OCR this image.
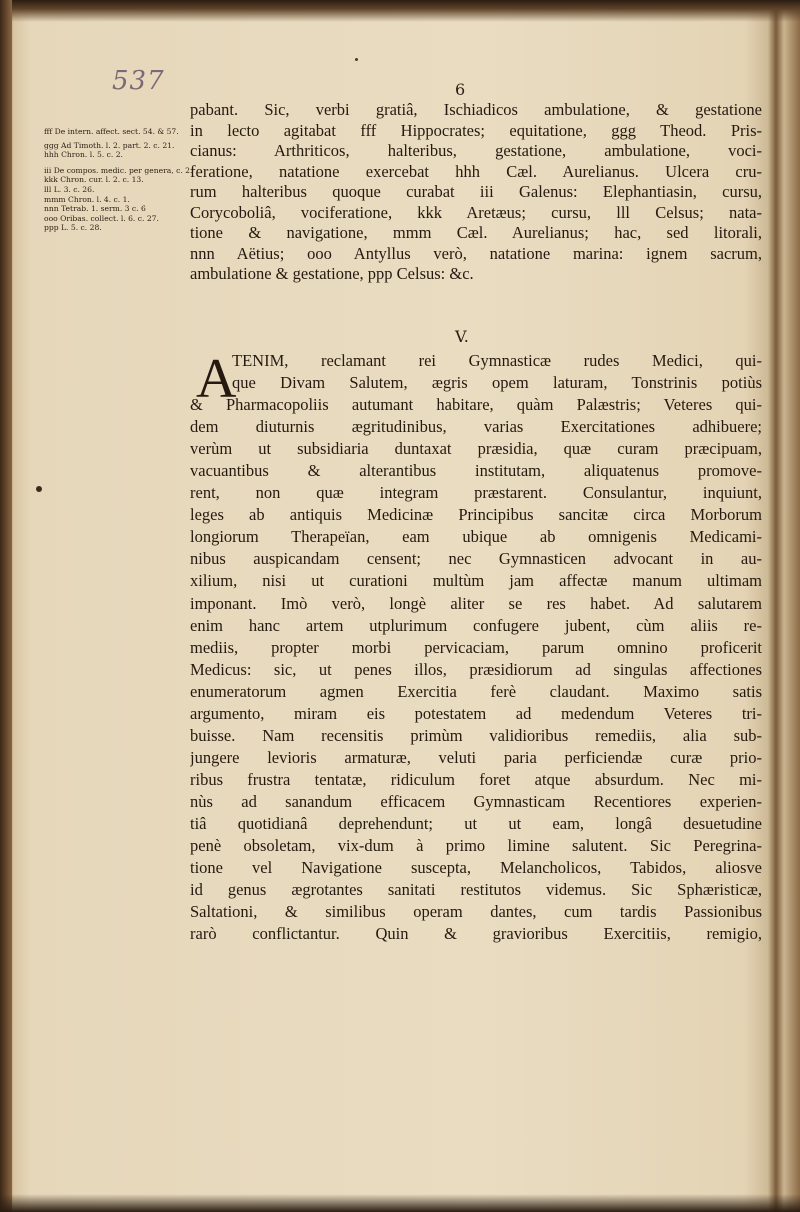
537	6
fff De intern. affect. sect. 54. & 57.
ggg Ad Timoth. l. 2. part. 2. c. 21.
hhh Chron. l. 5. c. 2.
iii De compos. medic. per genera, c. 2.
kkk Chron. cur. l. 2. c. 13.
lll L. 3. c. 26.
mmm Chron. l. 4. c. 1.
nnn Tetrab. 1. serm. 3 c. 6
ooo Oribas. collect. l. 6. c. 27.
ppp L. 5. c. 28.
pabant. Sic, verbi gratiâ, Ischiadicos ambulatione, & gestatione
in lecto agitabat fff Hippocrates; equitatione, ggg Theod. Pris-
cianus: Arthriticos, halteribus, gestatione, ambulatione, voci-
feratione, natatione exercebat hhh Cæl. Aurelianus. Ulcera cru-
rum halteribus quoque curabat iii Galenus: Elephantiasin, cursu,
Corycoboliâ, vociferatione, kkk Aretæus; cursu, lll Celsus; nata-
tione & navigatione, mmm Cæl. Aurelianus; hac, sed litorali,
nnn Aëtius; ooo Antyllus verò, natatione marina: ignem sacrum,
ambulatione & gestatione, ppp Celsus: &c.
V.
A
TENIM, reclamant rei Gymnasticæ rudes Medici, qui-
que Divam Salutem, ægris opem laturam, Tonstrinis potiùs
& Pharmacopoliis autumant habitare, quàm Palæstris; Veteres qui-
dem diuturnis ægritudinibus, varias Exercitationes adhibuere;
verùm ut subsidiaria duntaxat præsidia, quæ curam præcipuam,
vacuantibus & alterantibus institutam, aliquatenus promove-
rent, non quæ integram præstarent. Consulantur, inquiunt,
leges ab antiquis Medicinæ Principibus sancitæ circa Morborum
longiorum Therapeïan, eam ubique ab omnigenis Medicami-
nibus auspicandam censent; nec Gymnasticen advocant in au-
xilium, nisi ut curationi multùm jam affectæ manum ultimam
imponant. Imò verò, longè aliter se res habet. Ad salutarem
enim hanc artem utplurimum confugere jubent, cùm aliis re-
mediis, propter morbi pervicaciam, parum omnino proficerit
Medicus: sic, ut penes illos, præsidiorum ad singulas affectiones
enumeratorum agmen Exercitia ferè claudant. Maximo satis
argumento, miram eis potestatem ad medendum Veteres tri-
buisse. Nam recensitis primùm validioribus remediis, alia sub-
jungere levioris armaturæ, veluti paria perficiendæ curæ prio-
ribus frustra tentatæ, ridiculum foret atque absurdum. Nec mi-
nùs ad sanandum efficacem Gymnasticam Recentiores experien-
tiâ quotidianâ deprehendunt; ut ut eam, longâ desuetudine
penè obsoletam, vix-dum à primo limine salutent. Sic Peregrina-
tione vel Navigatione suscepta, Melancholicos, Tabidos, aliosve
id genus ægrotantes sanitati restitutos videmus. Sic Sphæristicæ,
Saltationi, & similibus operam dantes, cum tardis Passionibus
rarò conflictantur. Quin & gravioribus Exercitiis, remigio,
